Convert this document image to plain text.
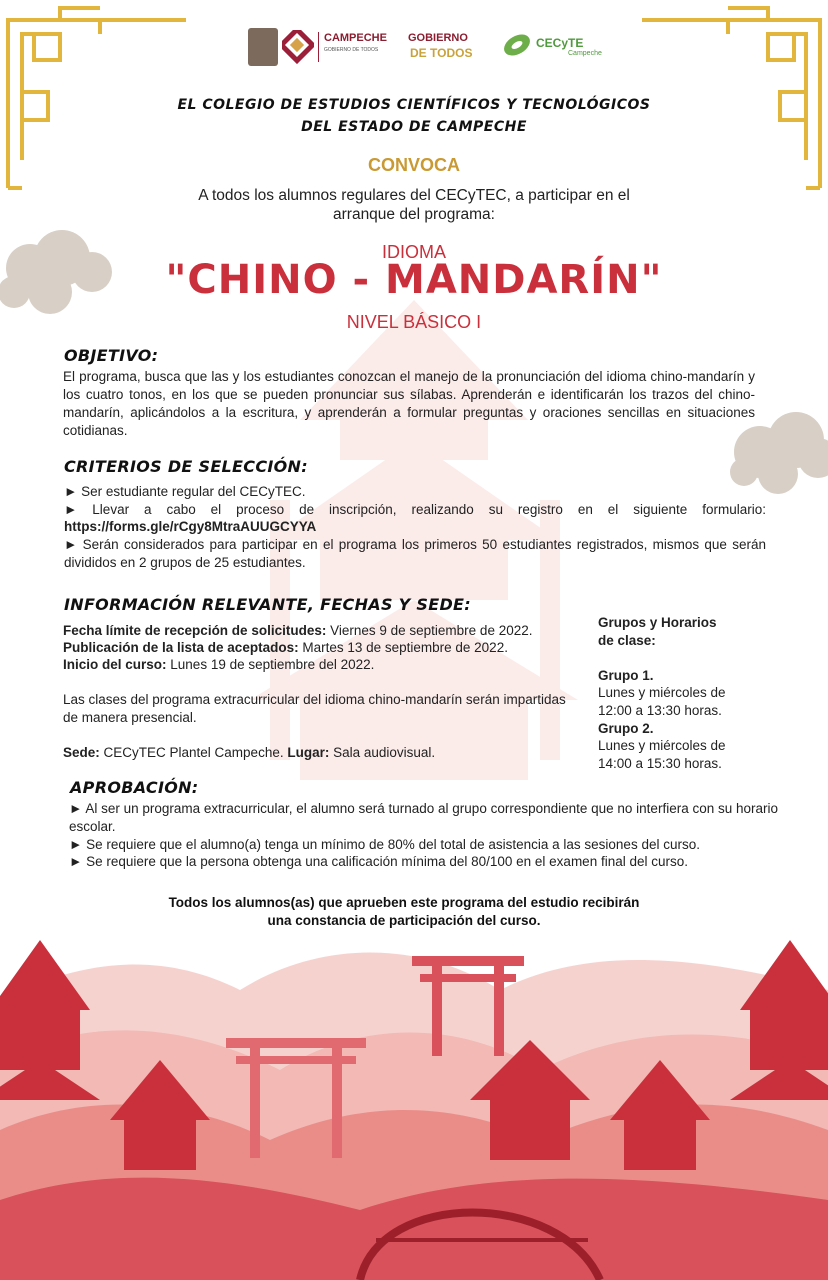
CAMPECHE
GOBIERNO DE TODOS
GOBIERNO
DE TODOS
CECyTE
Campeche
EL COLEGIO DE ESTUDIOS CIENTÍFICOS Y TECNOLÓGICOS
DEL ESTADO DE CAMPECHE
CONVOCA
A todos los alumnos regulares del CECyTEC, a participar en el
arranque del programa:
IDIOMA
"CHINO - MANDARÍN"
NIVEL BÁSICO I
OBJETIVO:
El programa, busca que las y los estudiantes conozcan el manejo de la pronunciación del idioma chino-mandarín y los cuatro tonos, en los que se pueden pronunciar sus sílabas. Aprenderán e identificarán los trazos del chino-mandarín, aplicándolos a la escritura, y aprenderán a formular preguntas y oraciones sencillas en situaciones cotidianas.
CRITERIOS DE SELECCIÓN:
► Ser estudiante regular del CECyTEC.
► Llevar a cabo el proceso de inscripción, realizando su registro en el siguiente formulario:
https://forms.gle/rCgy8MtraAUUGCYYA
► Serán considerados para participar en el programa los primeros 50 estudiantes registrados, mismos que serán divididos en 2 grupos de 25 estudiantes.
INFORMACIÓN RELEVANTE, FECHAS Y SEDE:
Fecha límite de recepción de solicitudes: Viernes 9 de septiembre de 2022.
Publicación de la lista de aceptados: Martes 13 de septiembre de 2022.
Inicio del curso: Lunes 19 de septiembre del 2022.
Las clases del programa extracurricular del idioma chino-mandarín serán impartidas de manera presencial.
Sede: CECyTEC Plantel Campeche. Lugar: Sala audiovisual.
Grupos y Horarios
de clase:
Grupo 1.
Lunes y miércoles de
12:00 a 13:30 horas.
Grupo 2.
Lunes y miércoles de
14:00 a 15:30 horas.
APROBACIÓN:
► Al ser un programa extracurricular, el alumno será turnado al grupo correspondiente que no interfiera con su horario escolar.
► Se requiere que el alumno(a) tenga un mínimo de 80% del total de asistencia a las sesiones del curso.
► Se requiere que la persona obtenga una calificación mínima del 80/100 en el examen final del curso.
Todos los alumnos(as) que aprueben este programa del estudio recibirán
una constancia de participación del curso.
